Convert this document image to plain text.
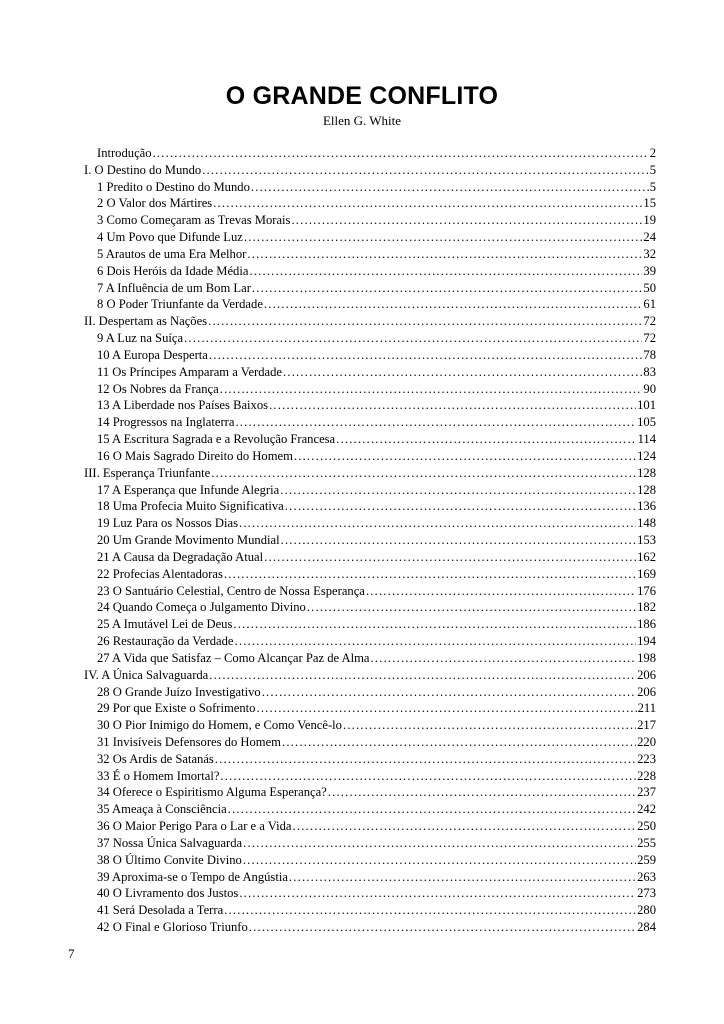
O GRANDE CONFLITO
Ellen G. White
Introdução .....	2
I. O Destino do Mundo .....	5
1 Predito o Destino do Mundo .....	5
2 O Valor dos Mártires .....	15
3 Como Começaram as Trevas Morais .....	19
4 Um Povo que Difunde Luz .....	24
5 Arautos de uma Era Melhor .....	32
6 Dois Heróis da Idade Média .....	39
7 A Influência de um Bom Lar .....	50
8 O Poder Triunfante da Verdade .....	61
II. Despertam as Nações .....	72
9 A Luz na Suíça .....	72
10 A Europa Desperta .....	78
11 Os Príncipes Amparam a Verdade .....	83
12 Os Nobres da França .....	90
13 A Liberdade nos Países Baixos .....	101
14 Progressos na Inglaterra .....	105
15 A Escritura Sagrada e a Revolução Francesa .....	114
16 O Mais Sagrado Direito do Homem .....	124
III. Esperança Triunfante .....	128
17 A Esperança que Infunde Alegria .....	128
18 Uma Profecia Muito Significativa .....	136
19 Luz Para os Nossos Dias .....	148
20 Um Grande Movimento Mundial .....	153
21 A Causa da Degradação Atual .....	162
22 Profecias Alentadoras .....	169
23 O Santuário Celestial, Centro de Nossa Esperança .....	176
24 Quando Começa o Julgamento Divino .....	182
25 A Imutável Lei de Deus .....	186
26 Restauração da Verdade .....	194
27 A Vida que Satisfaz – Como Alcançar Paz de Alma .....	198
IV. A Única Salvaguarda .....	206
28 O Grande Juízo Investigativo .....	206
29 Por que Existe o Sofrimento .....	211
30 O Pior Inimigo do Homem, e Como Vencê-lo .....	217
31 Invisíveis Defensores do Homem .....	220
32 Os Ardis de Satanás .....	223
33 É o Homem Imortal? .....	228
34 Oferece o Espiritismo Alguma Esperança? .....	237
35 Ameaça à Consciência .....	242
36 O Maior Perigo Para o Lar e a Vida .....	250
37 Nossa Única Salvaguarda .....	255
38 O Último Convite Divino .....	259
39 Aproxima-se o Tempo de Angústia .....	263
40 O Livramento dos Justos .....	273
41 Será Desolada a Terra .....	280
42 O Final e Glorioso Triunfo .....	284
7
